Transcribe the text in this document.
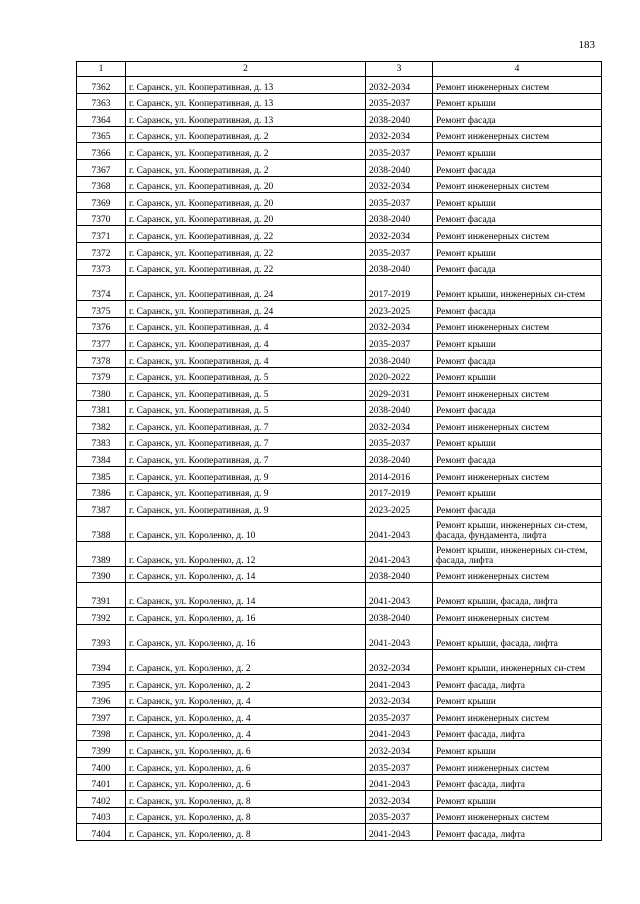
183
1	2	3	4
7362	г. Саранск, ул. Кооперативная, д. 13	2032-2034	Ремонт инженерных систем
7363	г. Саранск, ул. Кооперативная, д. 13	2035-2037	Ремонт крыши
7364	г. Саранск, ул. Кооперативная, д. 13	2038-2040	Ремонт фасада
7365	г. Саранск, ул. Кооперативная, д. 2	2032-2034	Ремонт инженерных систем
7366	г. Саранск, ул. Кооперативная, д. 2	2035-2037	Ремонт крыши
7367	г. Саранск, ул. Кооперативная, д. 2	2038-2040	Ремонт фасада
7368	г. Саранск, ул. Кооперативная, д. 20	2032-2034	Ремонт инженерных систем
7369	г. Саранск, ул. Кооперативная, д. 20	2035-2037	Ремонт крыши
7370	г. Саранск, ул. Кооперативная, д. 20	2038-2040	Ремонт фасада
7371	г. Саранск, ул. Кооперативная, д. 22	2032-2034	Ремонт инженерных систем
7372	г. Саранск, ул. Кооперативная, д. 22	2035-2037	Ремонт крыши
7373	г. Саранск, ул. Кооперативная, д. 22	2038-2040	Ремонт фасада
7374	г. Саранск, ул. Кооперативная, д. 24	2017-2019	Ремонт крыши, инженерных си-стем
7375	г. Саранск, ул. Кооперативная, д. 24	2023-2025	Ремонт фасада
7376	г. Саранск, ул. Кооперативная, д. 4	2032-2034	Ремонт инженерных систем
7377	г. Саранск, ул. Кооперативная, д. 4	2035-2037	Ремонт крыши
7378	г. Саранск, ул. Кооперативная, д. 4	2038-2040	Ремонт фасада
7379	г. Саранск, ул. Кооперативная, д. 5	2020-2022	Ремонт крыши
7380	г. Саранск, ул. Кооперативная, д. 5	2029-2031	Ремонт инженерных систем
7381	г. Саранск, ул. Кооперативная, д. 5	2038-2040	Ремонт фасада
7382	г. Саранск, ул. Кооперативная, д. 7	2032-2034	Ремонт инженерных систем
7383	г. Саранск, ул. Кооперативная, д. 7	2035-2037	Ремонт крыши
7384	г. Саранск, ул. Кооперативная, д. 7	2038-2040	Ремонт фасада
7385	г. Саранск, ул. Кооперативная, д. 9	2014-2016	Ремонт инженерных систем
7386	г. Саранск, ул. Кооперативная, д. 9	2017-2019	Ремонт крыши
7387	г. Саранск, ул. Кооперативная, д. 9	2023-2025	Ремонт фасада
7388	г. Саранск, ул. Короленко, д. 10	2041-2043	Ремонт крыши, инженерных си-стем, фасада, фундамента, лифта
7389	г. Саранск, ул. Короленко, д. 12	2041-2043	Ремонт крыши, инженерных си-стем, фасада, лифта
7390	г. Саранск, ул. Короленко, д. 14	2038-2040	Ремонт инженерных систем
7391	г. Саранск, ул. Короленко, д. 14	2041-2043	Ремонт крыши, фасада, лифта
7392	г. Саранск, ул. Короленко, д. 16	2038-2040	Ремонт инженерных систем
7393	г. Саранск, ул. Короленко, д. 16	2041-2043	Ремонт крыши, фасада, лифта
7394	г. Саранск, ул. Короленко, д. 2	2032-2034	Ремонт крыши, инженерных си-стем
7395	г. Саранск, ул. Короленко, д. 2	2041-2043	Ремонт фасада, лифта
7396	г. Саранск, ул. Короленко, д. 4	2032-2034	Ремонт крыши
7397	г. Саранск, ул. Короленко, д. 4	2035-2037	Ремонт инженерных систем
7398	г. Саранск, ул. Короленко, д. 4	2041-2043	Ремонт фасада, лифта
7399	г. Саранск, ул. Короленко, д. 6	2032-2034	Ремонт крыши
7400	г. Саранск, ул. Короленко, д. 6	2035-2037	Ремонт инженерных систем
7401	г. Саранск, ул. Короленко, д. 6	2041-2043	Ремонт фасада, лифта
7402	г. Саранск, ул. Короленко, д. 8	2032-2034	Ремонт крыши
7403	г. Саранск, ул. Короленко, д. 8	2035-2037	Ремонт инженерных систем
7404	г. Саранск, ул. Короленко, д. 8	2041-2043	Ремонт фасада, лифта
